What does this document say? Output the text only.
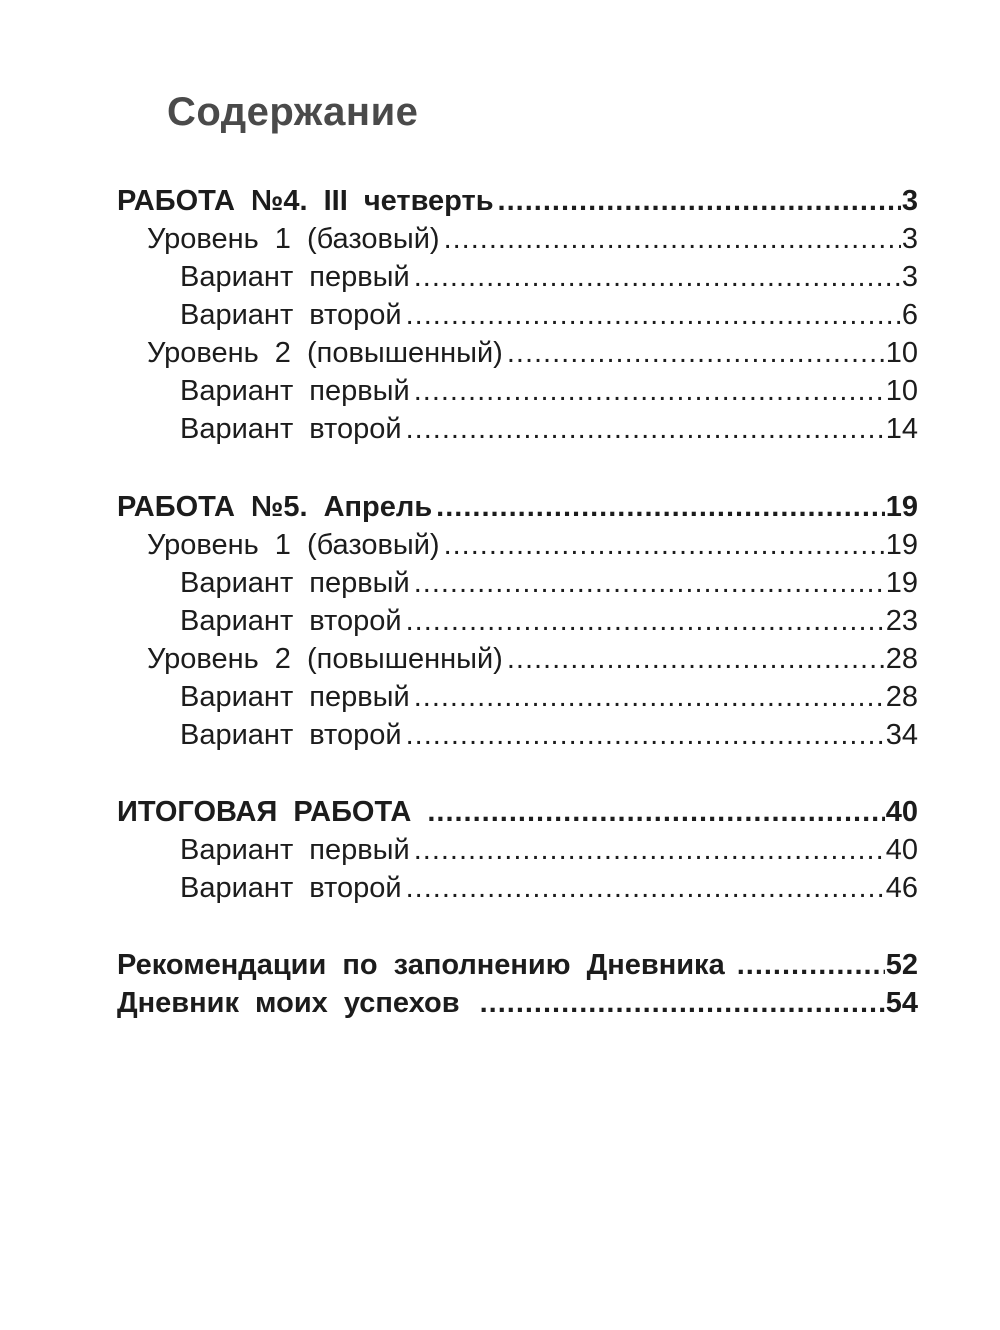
Содержание
РАБОТА №4. III четверть .....	3
Уровень 1 (базовый) .....	3
Вариант первый .....	3
Вариант второй .....	6
Уровень 2 (повышенный) .....	10
Вариант первый .....	10
Вариант второй .....	14
РАБОТА №5. Апрель .....	19
Уровень 1 (базовый) .....	19
Вариант первый .....	19
Вариант второй .....	23
Уровень 2 (повышенный) .....	28
Вариант первый .....	28
Вариант второй .....	34
ИТОГОВАЯ РАБОТА .....	40
Вариант первый .....	40
Вариант второй .....	46
Рекомендации по заполнению Дневника .....	52
Дневник моих успехов .....	54
